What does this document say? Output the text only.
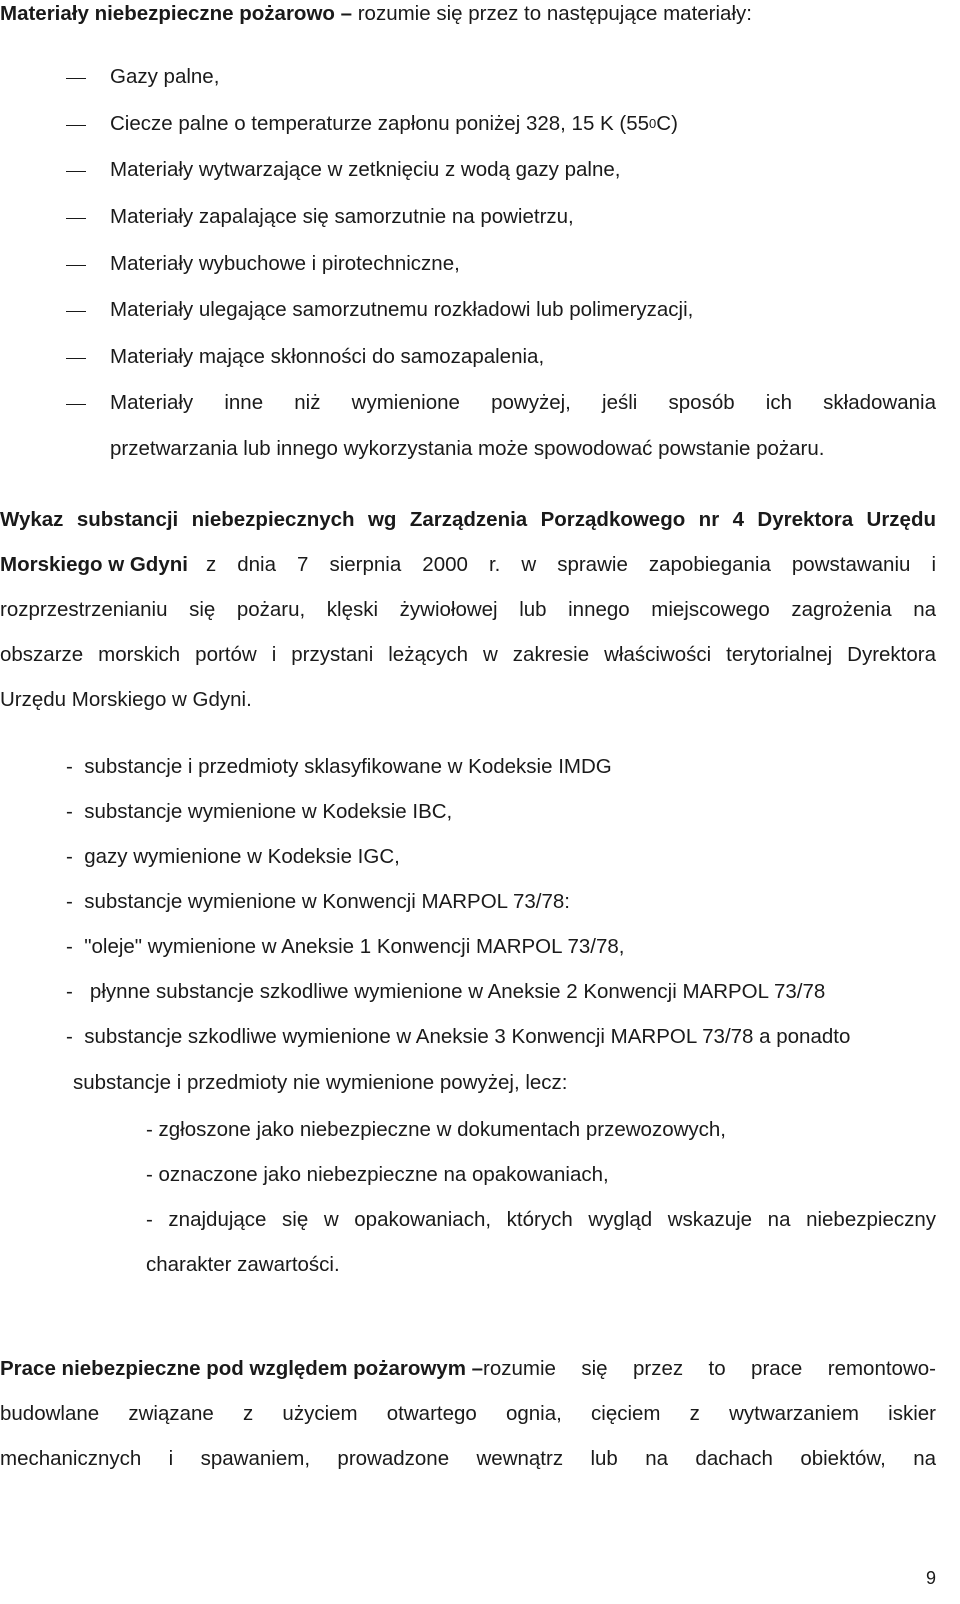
Materiały niebezpieczne pożarowo – rozumie się przez to następujące materiały:
Gazy palne,
Ciecze palne o temperaturze zapłonu poniżej 328, 15 K $(55^0C)$
Materiały wytwarzające w zetknięciu z wodą gazy palne,
Materiały zapalające się samorzutnie na powietrzu,
Materiały wybuchowe i pirotechniczne,
Materiały ulegające samorzutnemu rozkładowi lub polimeryzacji,
Materiały mające skłonności do samozapalenia,
Materiały inne niż wymienione powyżej, jeśli sposób ich składowania
przetwarzania lub innego wykorzystania może spowodować powstanie pożaru.
Wykaz substancji niebezpiecznych wg Zarządzenia Porządkowego nr 4 Dyrektora Urzędu
Morskiego w Gdyni z dnia 7 sierpnia 2000 r. w sprawie zapobiegania powstawaniu i
rozprzestrzenianiu się pożaru, klęski żywiołowej lub innego miejscowego zagrożenia na
obszarze morskich portów i przystani leżących w zakresie właściwości terytorialnej Dyrektora
Urzędu Morskiego w Gdyni.
-  substancje i przedmioty sklasyfikowane w Kodeksie IMDG
-  substancje wymienione w Kodeksie IBC,
-  gazy wymienione w Kodeksie IGC,
-  substancje wymienione w Konwencji MARPOL 73/78:
-  "oleje" wymienione w Aneksie 1 Konwencji MARPOL 73/78,
-   płynne substancje szkodliwe wymienione w Aneksie 2 Konwencji MARPOL 73/78
-  substancje szkodliwe wymienione w Aneksie 3 Konwencji MARPOL 73/78 a ponadto
substancje i przedmioty nie wymienione powyżej, lecz:
- zgłoszone jako niebezpieczne w dokumentach przewozowych,
- oznaczone jako niebezpieczne na opakowaniach,
- znajdujące się w opakowaniach, których wygląd wskazuje na niebezpieczny
charakter zawartości.
Prace niebezpieczne pod względem pożarowym – rozumie się przez to prace remontowo-
budowlane związane z użyciem otwartego ognia, cięciem z wytwarzaniem iskier
mechanicznych i spawaniem, prowadzone wewnątrz lub na dachach obiektów, na
9
